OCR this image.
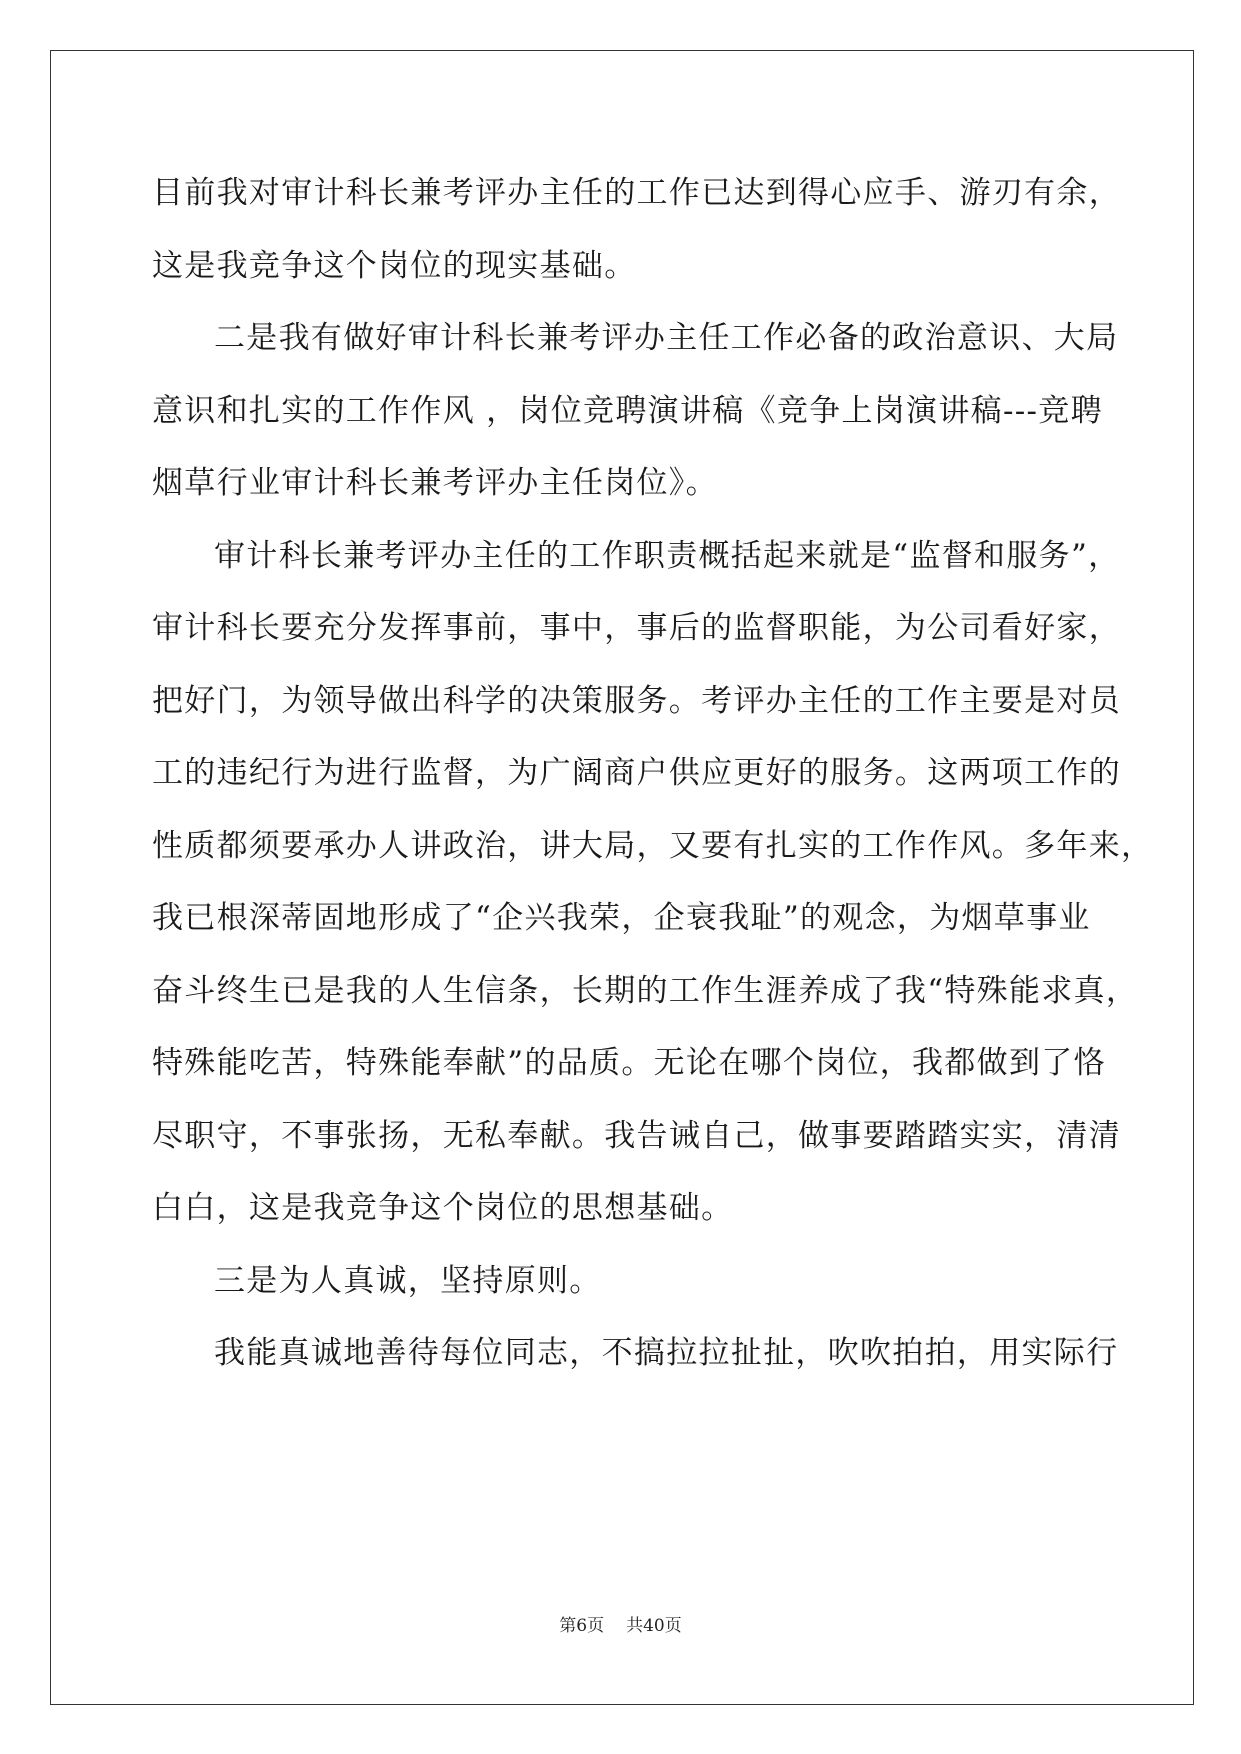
目前我对审计科长兼考评办主任的工作已达到得心应手、游刃有余，
这是我竞争这个岗位的现实基础。
二是我有做好审计科长兼考评办主任工作必备的政治意识、大局
意识和扎实的工作作风 ，岗位竞聘演讲稿《竞争上岗演讲稿---竞聘
烟草行业审计科长兼考评办主任岗位》。
审计科长兼考评办主任的工作职责概括起来就是“监督和服务”，
审计科长要充分发挥事前，事中，事后的监督职能，为公司看好家，
把好门，为领导做出科学的决策服务。考评办主任的工作主要是对员
工的违纪行为进行监督，为广阔商户供应更好的服务。这两项工作的
性质都须要承办人讲政治，讲大局，又要有扎实的工作作风。多年来，
我已根深蒂固地形成了“企兴我荣，企衰我耻”的观念，为烟草事业
奋斗终生已是我的人生信条，长期的工作生涯养成了我“特殊能求真，
特殊能吃苦，特殊能奉献”的品质。无论在哪个岗位，我都做到了恪
尽职守，不事张扬，无私奉献。我告诫自己，做事要踏踏实实，清清
白白，这是我竞争这个岗位的思想基础。
三是为人真诚，坚持原则。
我能真诚地善待每位同志，不搞拉拉扯扯，吹吹拍拍，用实际行
第6页 共40页
